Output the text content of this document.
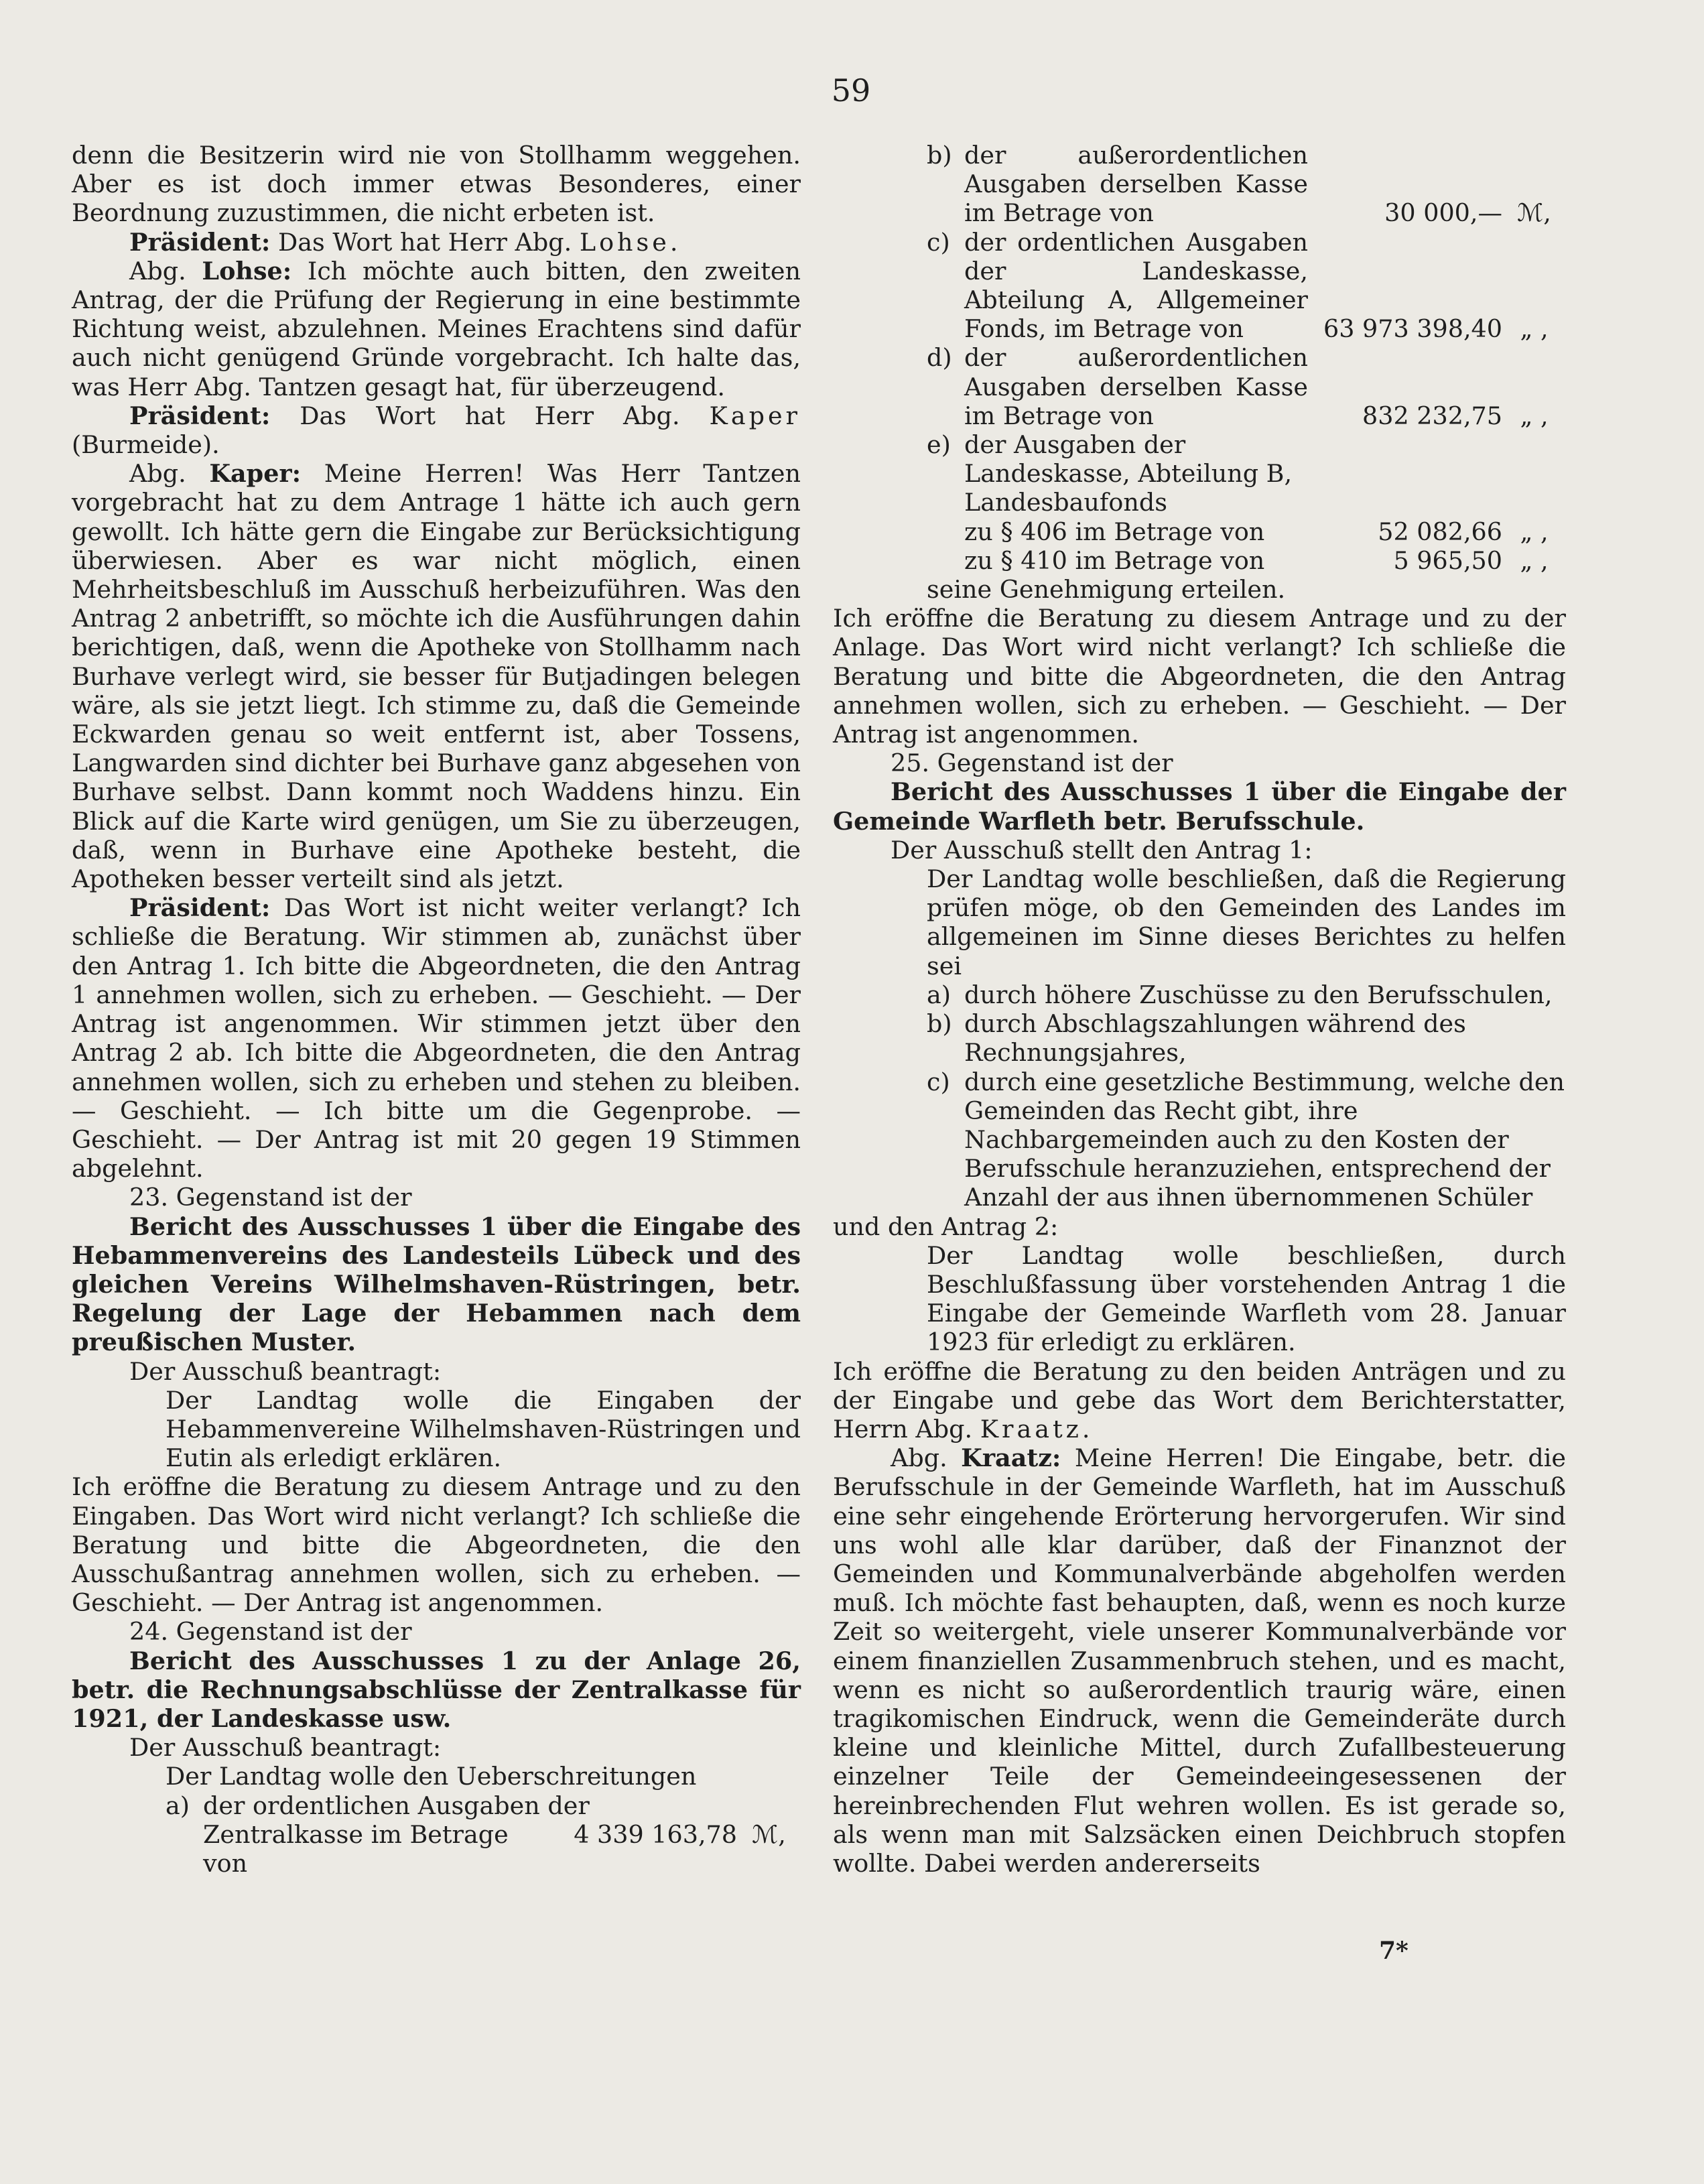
59

denn die Besitzerin wird nie von Stollhamm weggehen. Aber es ist doch immer etwas Besonderes, einer Beordnung zuzustimmen, die nicht erbeten ist.

Präsident: Das Wort hat Herr Abg. Lohse.

Abg. Lohse: Ich möchte auch bitten, den zweiten Antrag, der die Prüfung der Regierung in eine bestimmte Richtung weist, abzulehnen. Meines Erachtens sind dafür auch nicht genügend Gründe vorgebracht. Ich halte das, was Herr Abg. Tantzen gesagt hat, für überzeugend.

Präsident: Das Wort hat Herr Abg. Kaper (Burmeide).

Abg. Kaper: Meine Herren! Was Herr Tantzen vorgebracht hat zu dem Antrage 1 hätte ich auch gern gewollt. Ich hätte gern die Eingabe zur Berücksichtigung überwiesen. Aber es war nicht möglich, einen Mehrheitsbeschluß im Ausschuß herbeizuführen. Was den Antrag 2 anbetrifft, so möchte ich die Ausführungen dahin berichtigen, daß, wenn die Apotheke von Stollhamm nach Burhave verlegt wird, sie besser für Butjadingen belegen wäre, als sie jetzt liegt. Ich stimme zu, daß die Gemeinde Eckwarden genau so weit entfernt ist, aber Tossens, Langwarden sind dichter bei Burhave ganz abgesehen von Burhave selbst. Dann kommt noch Waddens hinzu. Ein Blick auf die Karte wird genügen, um Sie zu überzeugen, daß, wenn in Burhave eine Apotheke besteht, die Apotheken besser verteilt sind als jetzt.

Präsident: Das Wort ist nicht weiter verlangt? Ich schließe die Beratung. Wir stimmen ab, zunächst über den Antrag 1. Ich bitte die Abgeordneten, die den Antrag 1 annehmen wollen, sich zu erheben. — Geschieht. — Der Antrag ist angenommen. Wir stimmen jetzt über den Antrag 2 ab. Ich bitte die Abgeordneten, die den Antrag annehmen wollen, sich zu erheben und stehen zu bleiben. — Geschieht. — Ich bitte um die Gegenprobe. — Geschieht. — Der Antrag ist mit 20 gegen 19 Stimmen abgelehnt.

23. Gegenstand ist der

Bericht des Ausschusses 1 über die Eingabe des Hebammenvereins des Landesteils Lübeck und des gleichen Vereins Wilhelmshaven-Rüstringen, betr. Regelung der Lage der Hebammen nach dem preußischen Muster.

Der Ausschuß beantragt:

Der Landtag wolle die Eingaben der Hebammenvereine Wilhelmshaven-Rüstringen und Eutin als erledigt erklären.

Ich eröffne die Beratung zu diesem Antrage und zu den Eingaben. Das Wort wird nicht verlangt? Ich schließe die Beratung und bitte die Abgeordneten, die den Ausschußantrag annehmen wollen, sich zu erheben. — Geschieht. — Der Antrag ist angenommen.

24. Gegenstand ist der

Bericht des Ausschusses 1 zu der Anlage 26, betr. die Rechnungsabschlüsse der Zentralkasse für 1921, der Landeskasse usw.

Der Ausschuß beantragt:

Der Landtag wolle den Ueberschreitungen

a) der ordentlichen Ausgaben der
Zentralkasse im Betrage von
4 339 163,78 ℳ,
b) der außerordentlichen Ausgaben derselben Kasse im Betrage von	30 000,— ℳ,
c) der ordentlichen Ausgaben der Landeskasse, Abteilung A, Allgemeiner Fonds, im Betrage von	63 973 398,40 „ ,
d) der außerordentlichen Ausgaben derselben Kasse im Betrage von	832 232,75 „ ,
e) der Ausgaben der Landeskasse, Abteilung B, Landesbaufonds
zu § 406 im Betrage von	52 082,66 „ ,
zu § 410 im Betrage von	5 965,50 „ ,

seine Genehmigung erteilen.

Ich eröffne die Beratung zu diesem Antrage und zu der Anlage. Das Wort wird nicht verlangt? Ich schließe die Beratung und bitte die Abgeordneten, die den Antrag annehmen wollen, sich zu erheben. — Geschieht. — Der Antrag ist angenommen.

25. Gegenstand ist der

Bericht des Ausschusses 1 über die Eingabe der Gemeinde Warfleth betr. Berufsschule.

Der Ausschuß stellt den Antrag 1:

Der Landtag wolle beschließen, daß die Regierung prüfen möge, ob den Gemeinden des Landes im allgemeinen im Sinne dieses Berichtes zu helfen sei

a) durch höhere Zuschüsse zu den Berufsschulen,
b) durch Abschlagszahlungen während des Rechnungsjahres,
c) durch eine gesetzliche Bestimmung, welche den Gemeinden das Recht gibt, ihre Nachbargemeinden auch zu den Kosten der Berufsschule heranzuziehen, entsprechend der Anzahl der aus ihnen übernommenen Schüler

und den Antrag 2:

Der Landtag wolle beschließen, durch Beschlußfassung über vorstehenden Antrag 1 die Eingabe der Gemeinde Warfleth vom 28. Januar 1923 für erledigt zu erklären.

Ich eröffne die Beratung zu den beiden Anträgen und zu der Eingabe und gebe das Wort dem Berichterstatter, Herrn Abg. Kraatz.

Abg. Kraatz: Meine Herren! Die Eingabe, betr. die Berufsschule in der Gemeinde Warfleth, hat im Ausschuß eine sehr eingehende Erörterung hervorgerufen. Wir sind uns wohl alle klar darüber, daß der Finanznot der Gemeinden und Kommunalverbände abgeholfen werden muß. Ich möchte fast behaupten, daß, wenn es noch kurze Zeit so weitergeht, viele unserer Kommunalverbände vor einem finanziellen Zusammenbruch stehen, und es macht, wenn es nicht so außerordentlich traurig wäre, einen tragikomischen Eindruck, wenn die Gemeinderäte durch kleine und kleinliche Mittel, durch Zufallbesteuerung einzelner Teile der Gemeindeeingesessenen der hereinbrechenden Flut wehren wollen. Es ist gerade so, als wenn man mit Salzsäcken einen Deichbruch stopfen wollte. Dabei werden andererseits

7*
